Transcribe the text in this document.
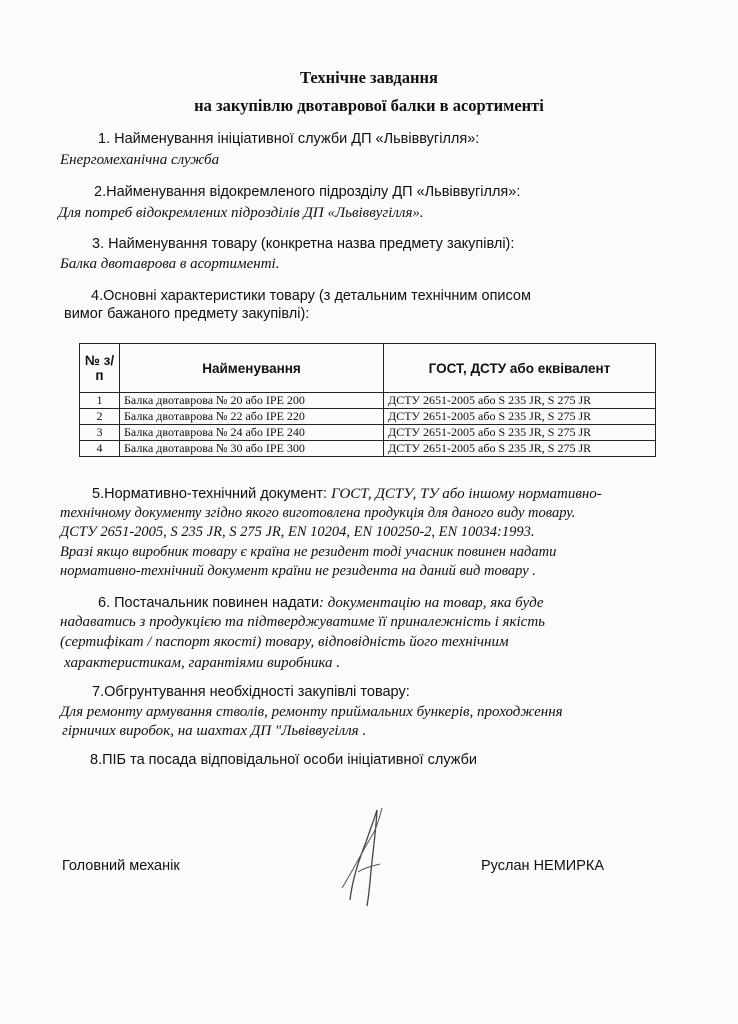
Технічне завдання
на закупівлю двотаврової балки в асортименті
1. Найменування ініціативної служби ДП «Львіввугілля»:
Енергомеханічна служба
2.Найменування відокремленого підрозділу ДП «Львіввугілля»:
Для потреб відокремлених підрозділів ДП «Львіввугілля».
3. Найменування товару (конкретна назва предмету закупівлі):
Балка двотаврова в асортименті.
4.Основні характеристики товару (з детальним технічним описом
вимог бажаного предмету закупівлі):
№ з/п	Найменування	ГОСТ, ДСТУ або еквівалент
1	Балка двотаврова № 20 або IPE 200	ДСТУ 2651-2005 або S 235 JR, S 275 JR
2	Балка двотаврова № 22 або IPE 220	ДСТУ 2651-2005 або S 235 JR, S 275 JR
3	Балка двотаврова № 24 або IPE 240	ДСТУ 2651-2005 або S 235 JR, S 275 JR
4	Балка двотаврова № 30 або IPE 300	ДСТУ 2651-2005 або S 235 JR, S 275 JR
5.Нормативно-технічний документ: ГОСТ, ДСТУ, ТУ або іншому нормативно-
технічному документу згідно якого виготовлена продукція для даного виду товару.
ДСТУ 2651-2005, S 235 JR, S 275 JR, EN 10204, EN 100250-2, EN 10034:1993.
Вразі якщо виробник товару є країна не резидент тоді учасник повинен надати
нормативно-технічний документ країни не резидента на даний вид товару .
6. Постачальник повинен надати: документацію на товар, яка буде
надаватись з продукцією та підтверджуватиме її приналежність і якість
(сертифікат / паспорт якості) товару, відповідність його технічним
характеристикам, гарантіями виробника .
7.Обгрунтування необхідності закупівлі товару:
Для ремонту армування стволів, ремонту приймальних бункерів, проходження
гірничих виробок, на шахтах ДП "Львіввугілля .
8.ПІБ та посада відповідальної особи ініціативної служби
Головний механік	Руслан НЕМИРКА
